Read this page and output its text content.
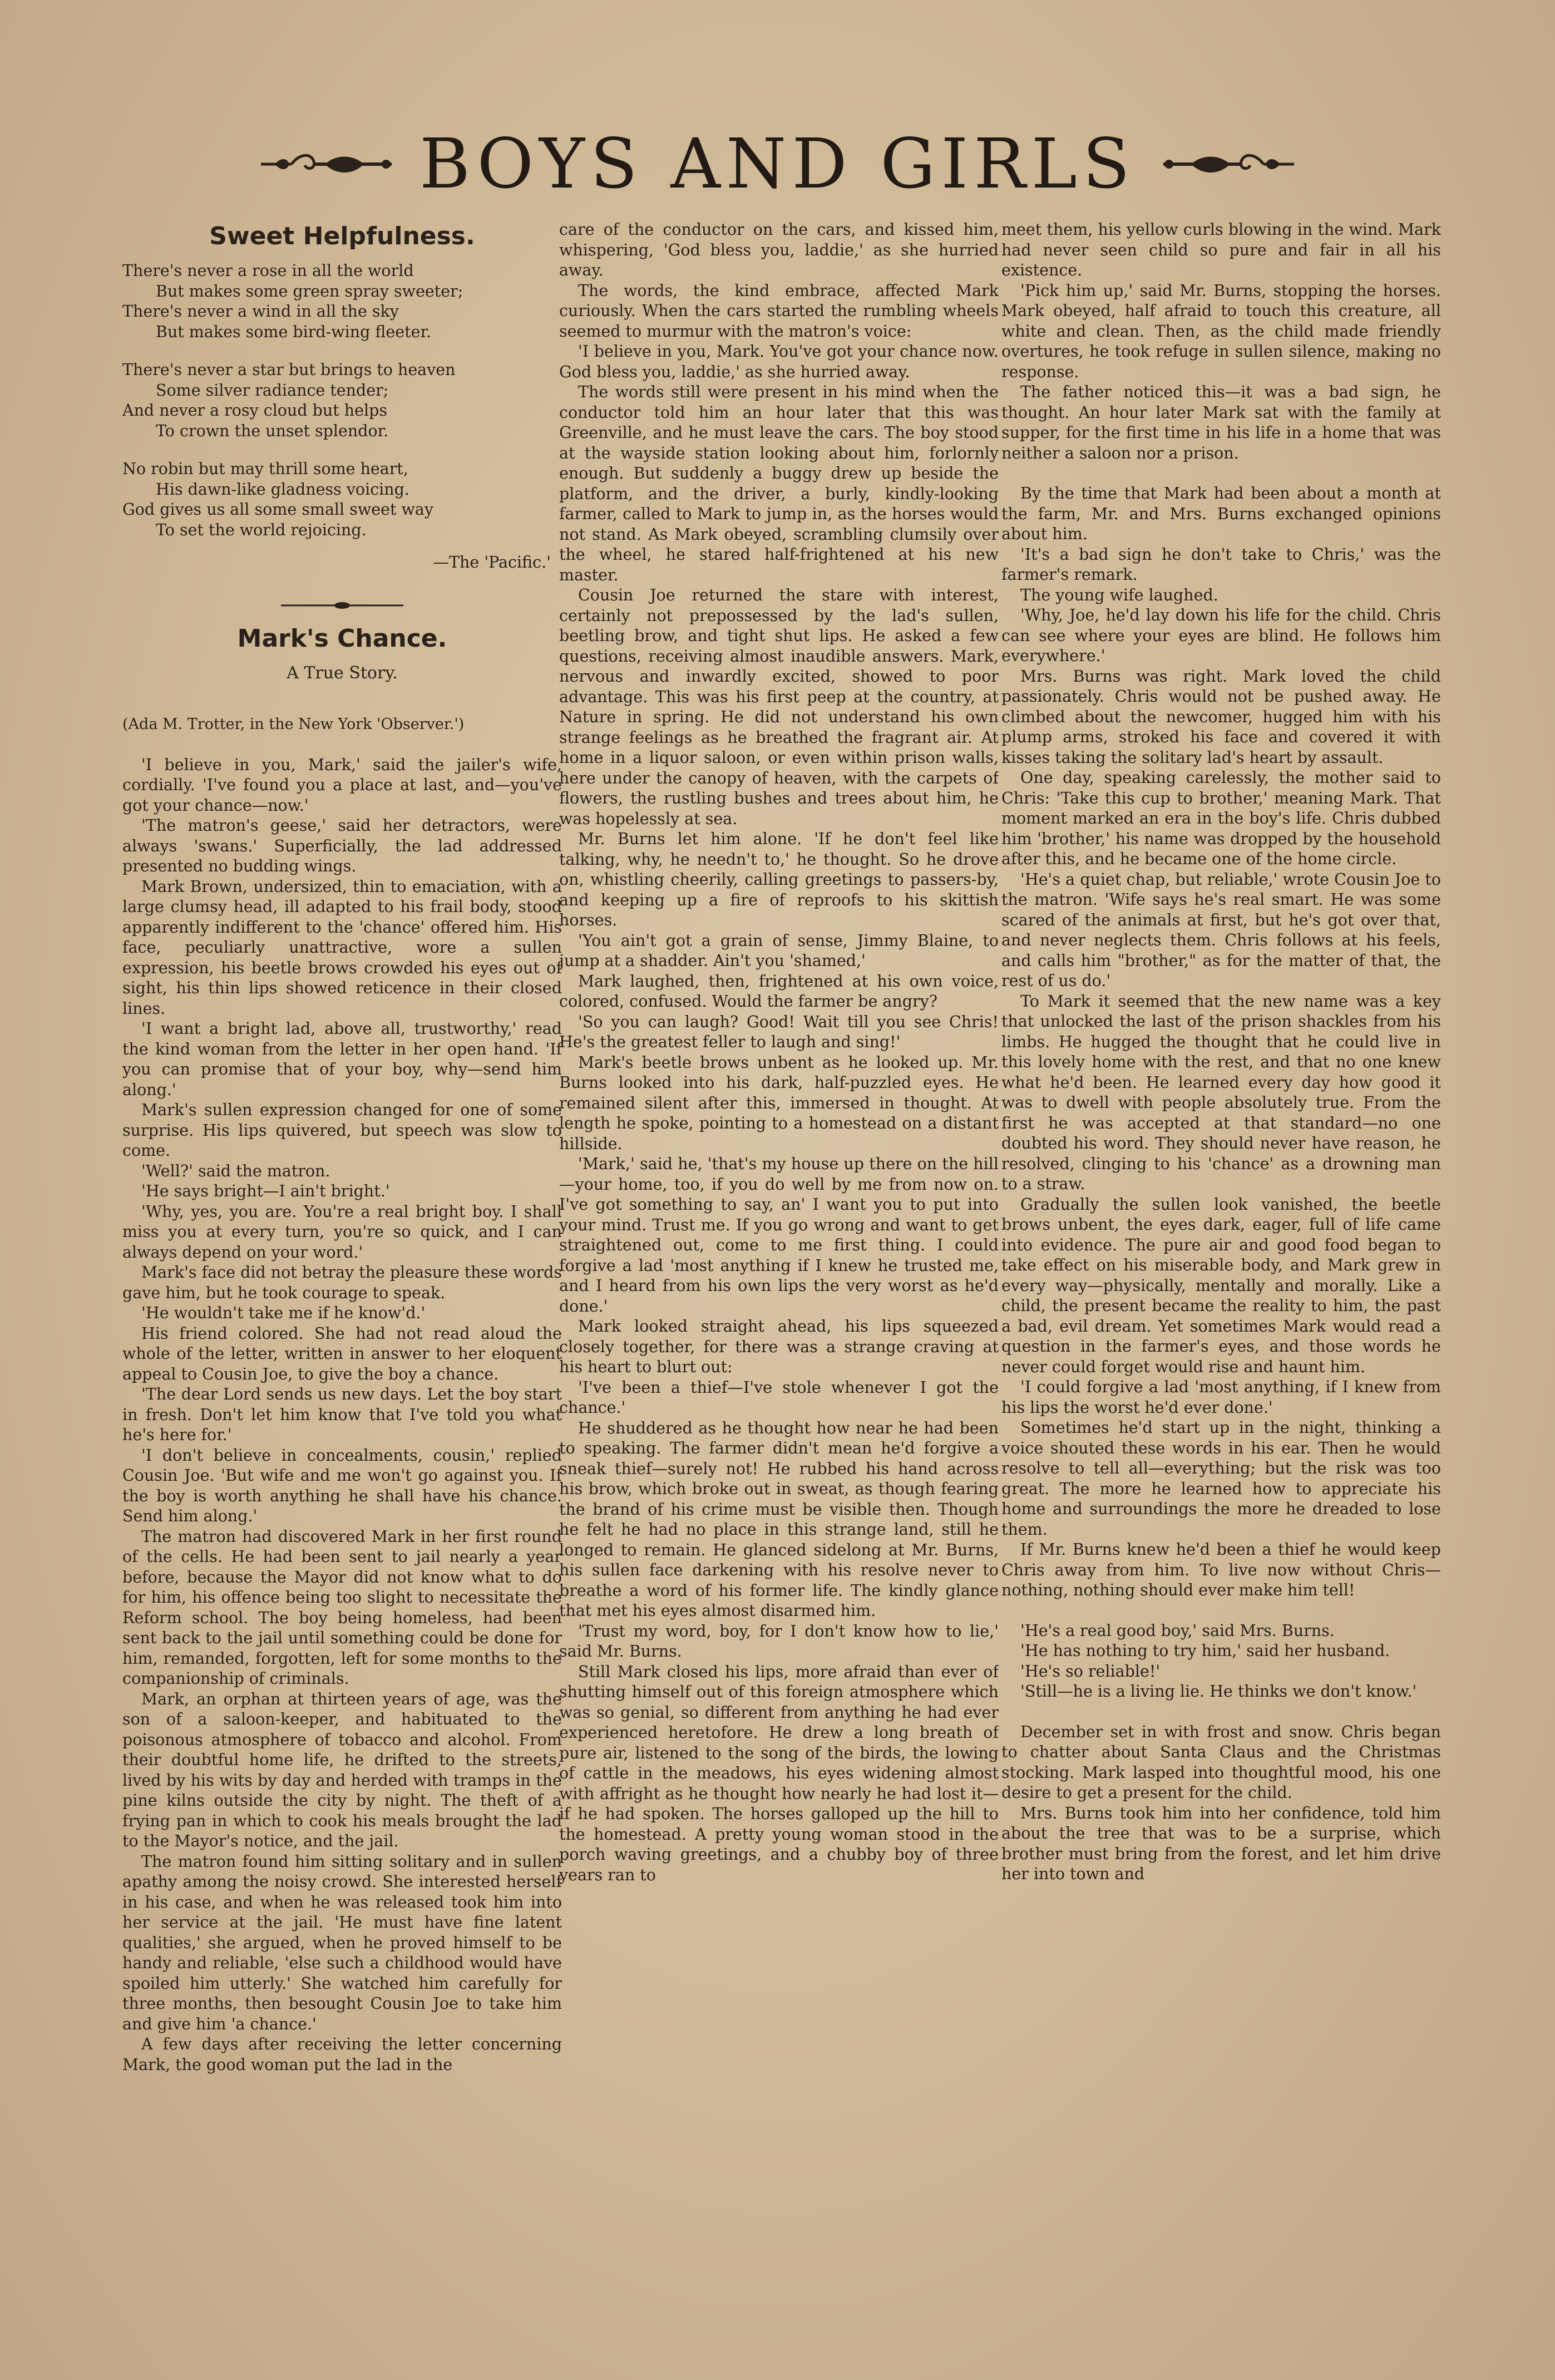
BOYS AND GIRLS
Sweet Helpfulness.

There's never a rose in all the world

But makes some green spray sweeter;

There's never a wind in all the sky

But makes some bird-wing fleeter.

There's never a star but brings to heaven

Some silver radiance tender;

And never a rosy cloud but helps

To crown the unset splendor.

No robin but may thrill some heart,

His dawn-like gladness voicing.

God gives us all some small sweet way

To set the world rejoicing.

—The 'Pacific.'

Mark's Chance.
A True Story.
(Ada M. Trotter, in the New York 'Observer.')

'I believe in you, Mark,' said the jailer's wife, cordially. 'I've found you a place at last, and—you've got your chance—now.'

'The matron's geese,' said her detractors, were always 'swans.' Superficially, the lad addressed presented no budding wings.

Mark Brown, undersized, thin to emaciation, with a large clumsy head, ill adapted to his frail body, stood apparently indifferent to the 'chance' offered him. His face, peculiarly unattractive, wore a sullen expression, his beetle brows crowded his eyes out of sight, his thin lips showed reticence in their closed lines.

'I want a bright lad, above all, trustworthy,' read the kind woman from the letter in her open hand. 'If you can promise that of your boy, why—send him along.'

Mark's sullen expression changed for one of some surprise. His lips quivered, but speech was slow to come.

'Well?' said the matron.

'He says bright—I ain't bright.'

'Why, yes, you are. You're a real bright boy. I shall miss you at every turn, you're so quick, and I can always depend on your word.'

Mark's face did not betray the pleasure these words gave him, but he took courage to speak.

'He wouldn't take me if he know'd.'

His friend colored. She had not read aloud the whole of the letter, written in answer to her eloquent appeal to Cousin Joe, to give the boy a chance.

'The dear Lord sends us new days. Let the boy start in fresh. Don't let him know that I've told you what he's here for.'

'I don't believe in concealments, cousin,' replied Cousin Joe. 'But wife and me won't go against you. If the boy is worth anything he shall have his chance. Send him along.'

The matron had discovered Mark in her first round of the cells. He had been sent to jail nearly a year before, because the Mayor did not know what to do for him, his offence being too slight to necessitate the Reform school. The boy being homeless, had been sent back to the jail until something could be done for him, remanded, forgotten, left for some months to the companionship of criminals.

Mark, an orphan at thirteen years of age, was the son of a saloon-keeper, and habituated to the poisonous atmosphere of tobacco and alcohol. From their doubtful home life, he drifted to the streets, lived by his wits by day and herded with tramps in the pine kilns outside the city by night. The theft of a frying pan in which to cook his meals brought the lad to the Mayor's notice, and the jail.

The matron found him sitting solitary and in sullen apathy among the noisy crowd. She interested herself in his case, and when he was released took him into her service at the jail. 'He must have fine latent qualities,' she argued, when he proved himself to be handy and reliable, 'else such a childhood would have spoiled him utterly.' She watched him carefully for three months, then besought Cousin Joe to take him and give him 'a chance.'

A few days after receiving the letter concerning Mark, the good woman put the lad in the

care of the conductor on the cars, and kissed him, whispering, 'God bless you, laddie,' as she hurried away.

The words, the kind embrace, affected Mark curiously. When the cars started the rumbling wheels seemed to murmur with the matron's voice:

'I believe in you, Mark. You've got your chance now. God bless you, laddie,' as she hurried away.

The words still were present in his mind when the conductor told him an hour later that this was Greenville, and he must leave the cars. The boy stood at the wayside station looking about him, forlornly enough. But suddenly a buggy drew up beside the platform, and the driver, a burly, kindly-looking farmer, called to Mark to jump in, as the horses would not stand. As Mark obeyed, scrambling clumsily over the wheel, he stared half-frightened at his new master.

Cousin Joe returned the stare with interest, certainly not prepossessed by the lad's sullen, beetling brow, and tight shut lips. He asked a few questions, receiving almost inaudible answers. Mark, nervous and inwardly excited, showed to poor advantage. This was his first peep at the country, at Nature in spring. He did not understand his own strange feelings as he breathed the fragrant air. At home in a liquor saloon, or even within prison walls, here under the canopy of heaven, with the carpets of flowers, the rustling bushes and trees about him, he was hopelessly at sea.

Mr. Burns let him alone. 'If he don't feel like talking, why, he needn't to,' he thought. So he drove on, whistling cheerily, calling greetings to passers-by, and keeping up a fire of reproofs to his skittish horses.

'You ain't got a grain of sense, Jimmy Blaine, to jump at a shadder. Ain't you 'shamed,'

Mark laughed, then, frightened at his own voice, colored, confused. Would the farmer be angry?

'So you can laugh? Good! Wait till you see Chris! He's the greatest feller to laugh and sing!'

Mark's beetle brows unbent as he looked up. Mr. Burns looked into his dark, half-puzzled eyes. He remained silent after this, immersed in thought. At length he spoke, pointing to a homestead on a distant hillside.

'Mark,' said he, 'that's my house up there on the hill—your home, too, if you do well by me from now on. I've got something to say, an' I want you to put into your mind. Trust me. If you go wrong and want to get straightened out, come to me first thing. I could forgive a lad 'most anything if I knew he trusted me, and I heard from his own lips the very worst as he'd done.'

Mark looked straight ahead, his lips squeezed closely together, for there was a strange craving at his heart to blurt out:

'I've been a thief—I've stole whenever I got the chance.'

He shuddered as he thought how near he had been to speaking. The farmer didn't mean he'd forgive a sneak thief—surely not! He rubbed his hand across his brow, which broke out in sweat, as though fearing the brand of his crime must be visible then. Though he felt he had no place in this strange land, still he longed to remain. He glanced sidelong at Mr. Burns, his sullen face darkening with his resolve never to breathe a word of his former life. The kindly glance that met his eyes almost disarmed him.

'Trust my word, boy, for I don't know how to lie,' said Mr. Burns.

Still Mark closed his lips, more afraid than ever of shutting himself out of this foreign atmosphere which was so genial, so different from anything he had ever experienced heretofore. He drew a long breath of pure air, listened to the song of the birds, the lowing of cattle in the meadows, his eyes widening almost with affright as he thought how nearly he had lost it—if he had spoken. The horses galloped up the hill to the homestead. A pretty young woman stood in the porch waving greetings, and a chubby boy of three years ran to

meet them, his yellow curls blowing in the wind. Mark had never seen child so pure and fair in all his existence.

'Pick him up,' said Mr. Burns, stopping the horses. Mark obeyed, half afraid to touch this creature, all white and clean. Then, as the child made friendly overtures, he took refuge in sullen silence, making no response.

The father noticed this—it was a bad sign, he thought. An hour later Mark sat with the family at supper, for the first time in his life in a home that was neither a saloon nor a prison.

By the time that Mark had been about a month at the farm, Mr. and Mrs. Burns exchanged opinions about him.

'It's a bad sign he don't take to Chris,' was the farmer's remark.

The young wife laughed.

'Why, Joe, he'd lay down his life for the child. Chris can see where your eyes are blind. He follows him everywhere.'

Mrs. Burns was right. Mark loved the child passionately. Chris would not be pushed away. He climbed about the newcomer, hugged him with his plump arms, stroked his face and covered it with kisses taking the solitary lad's heart by assault.

One day, speaking carelessly, the mother said to Chris: 'Take this cup to brother,' meaning Mark. That moment marked an era in the boy's life. Chris dubbed him 'brother,' his name was dropped by the household after this, and he became one of the home circle.

'He's a quiet chap, but reliable,' wrote Cousin Joe to the matron. 'Wife says he's real smart. He was some scared of the animals at first, but he's got over that, and never neglects them. Chris follows at his feels, and calls him "brother," as for the matter of that, the rest of us do.'

To Mark it seemed that the new name was a key that unlocked the last of the prison shackles from his limbs. He hugged the thought that he could live in this lovely home with the rest, and that no one knew what he'd been. He learned every day how good it was to dwell with people absolutely true. From the first he was accepted at that standard—no one doubted his word. They should never have reason, he resolved, clinging to his 'chance' as a drowning man to a straw.

Gradually the sullen look vanished, the beetle brows unbent, the eyes dark, eager, full of life came into evidence. The pure air and good food began to take effect on his miserable body, and Mark grew in every way—physically, mentally and morally. Like a child, the present became the reality to him, the past a bad, evil dream. Yet sometimes Mark would read a question in the farmer's eyes, and those words he never could forget would rise and haunt him.

'I could forgive a lad 'most anything, if I knew from his lips the worst he'd ever done.'

Sometimes he'd start up in the night, thinking a voice shouted these words in his ear. Then he would resolve to tell all—everything; but the risk was too great. The more he learned how to appreciate his home and surroundings the more he dreaded to lose them.

If Mr. Burns knew he'd been a thief he would keep Chris away from him. To live now without Chris—nothing, nothing should ever make him tell!

'He's a real good boy,' said Mrs. Burns.

'He has nothing to try him,' said her husband.

'He's so reliable!'

'Still—he is a living lie. He thinks we don't know.'

December set in with frost and snow. Chris began to chatter about Santa Claus and the Christmas stocking. Mark lasped into thoughtful mood, his one desire to get a present for the child.

Mrs. Burns took him into her confidence, told him about the tree that was to be a surprise, which brother must bring from the forest, and let him drive her into town and
